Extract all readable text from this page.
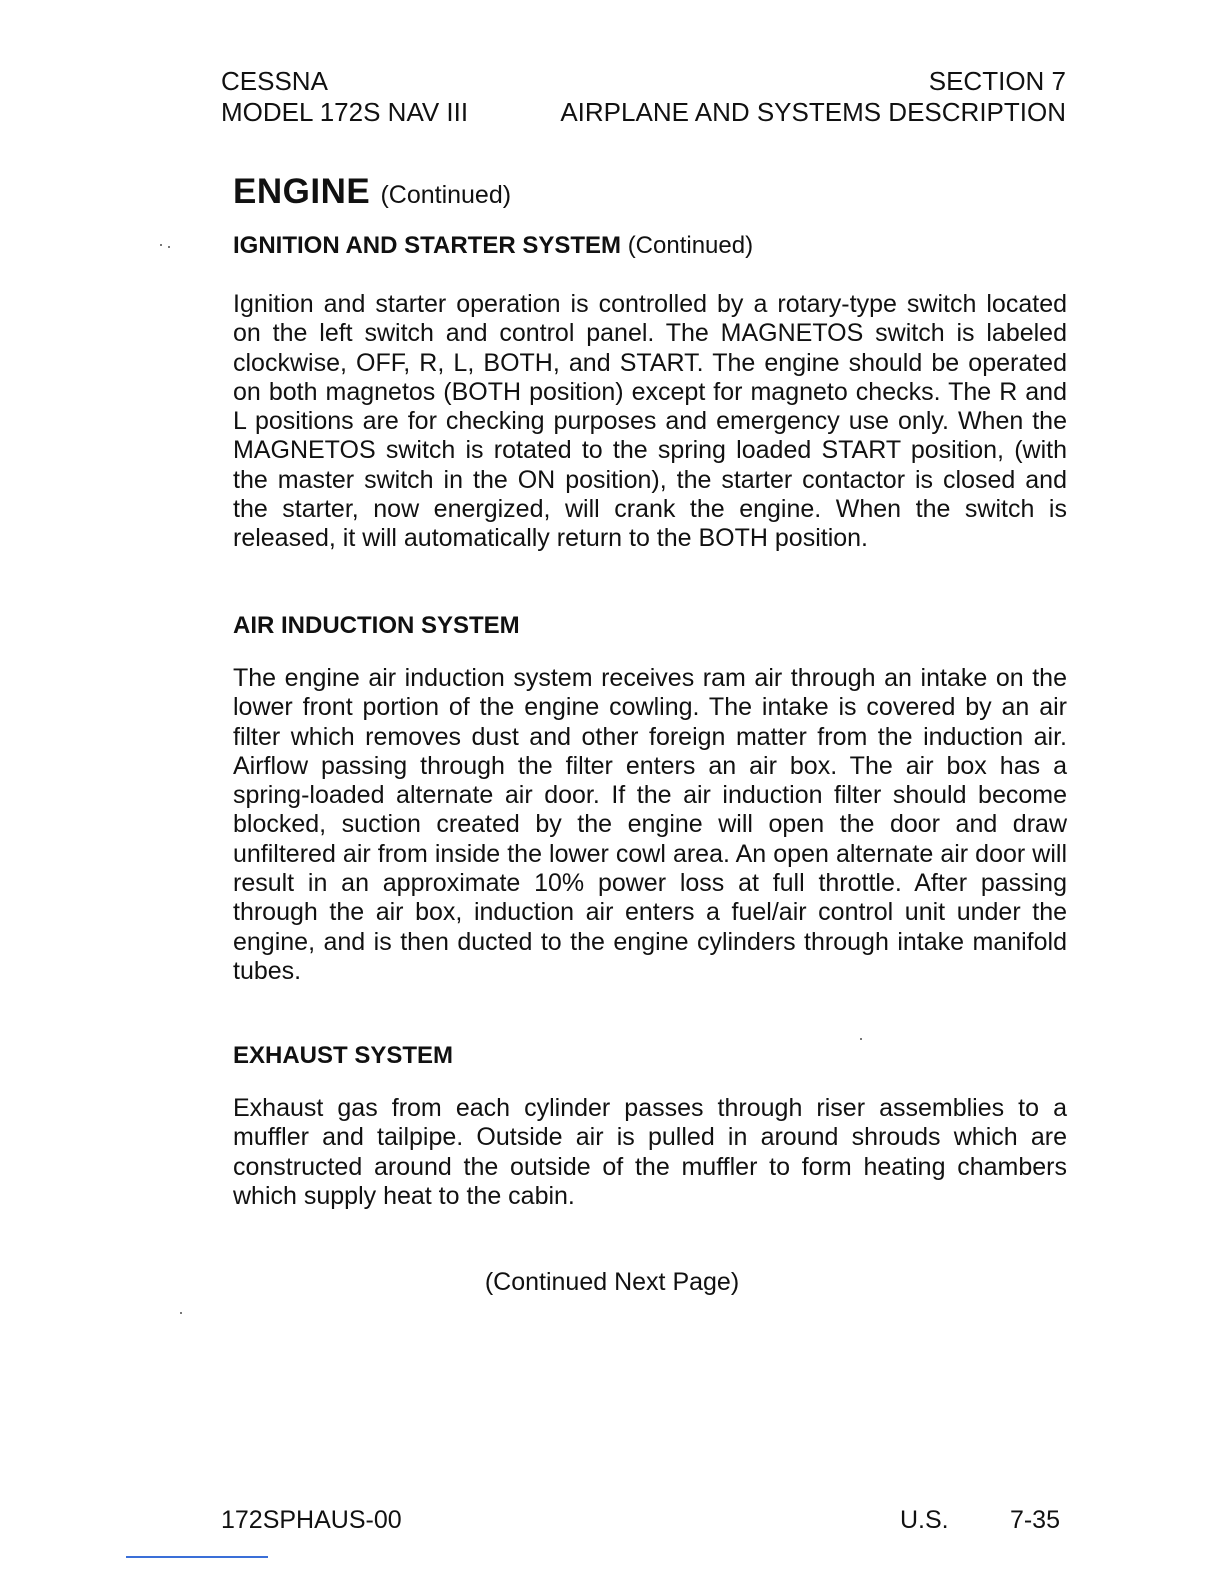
CESSNA
MODEL 172S NAV III
SECTION 7
AIRPLANE AND SYSTEMS DESCRIPTION
ENGINE (Continued)
IGNITION AND STARTER SYSTEM (Continued)
Ignition and starter operation is controlled by a rotary-type switch located on the left switch and control panel. The MAGNETOS switch is labeled clockwise, OFF, R, L, BOTH, and START. The engine should be operated on both magnetos (BOTH position) except for magneto checks. The R and L positions are for checking purposes and emergency use only. When the MAGNETOS switch is rotated to the spring loaded START position, (with the master switch in the ON position), the starter contactor is closed and the starter, now energized, will crank the engine. When the switch is released, it will automatically return to the BOTH position.
AIR INDUCTION SYSTEM
The engine air induction system receives ram air through an intake on the lower front portion of the engine cowling. The intake is covered by an air filter which removes dust and other foreign matter from the induction air. Airflow passing through the filter enters an air box. The air box has a spring-loaded alternate air door. If the air induction filter should become blocked, suction created by the engine will open the door and draw unfiltered air from inside the lower cowl area. An open alternate air door will result in an approximate 10% power loss at full throttle. After passing through the air box, induction air enters a fuel/air control unit under the engine, and is then ducted to the engine cylinders through intake manifold tubes.
EXHAUST SYSTEM
Exhaust gas from each cylinder passes through riser assemblies to a muffler and tailpipe. Outside air is pulled in around shrouds which are constructed around the outside of the muffler to form heating chambers which supply heat to the cabin.
(Continued Next Page)
172SPHAUS-00	U.S. 7-35
